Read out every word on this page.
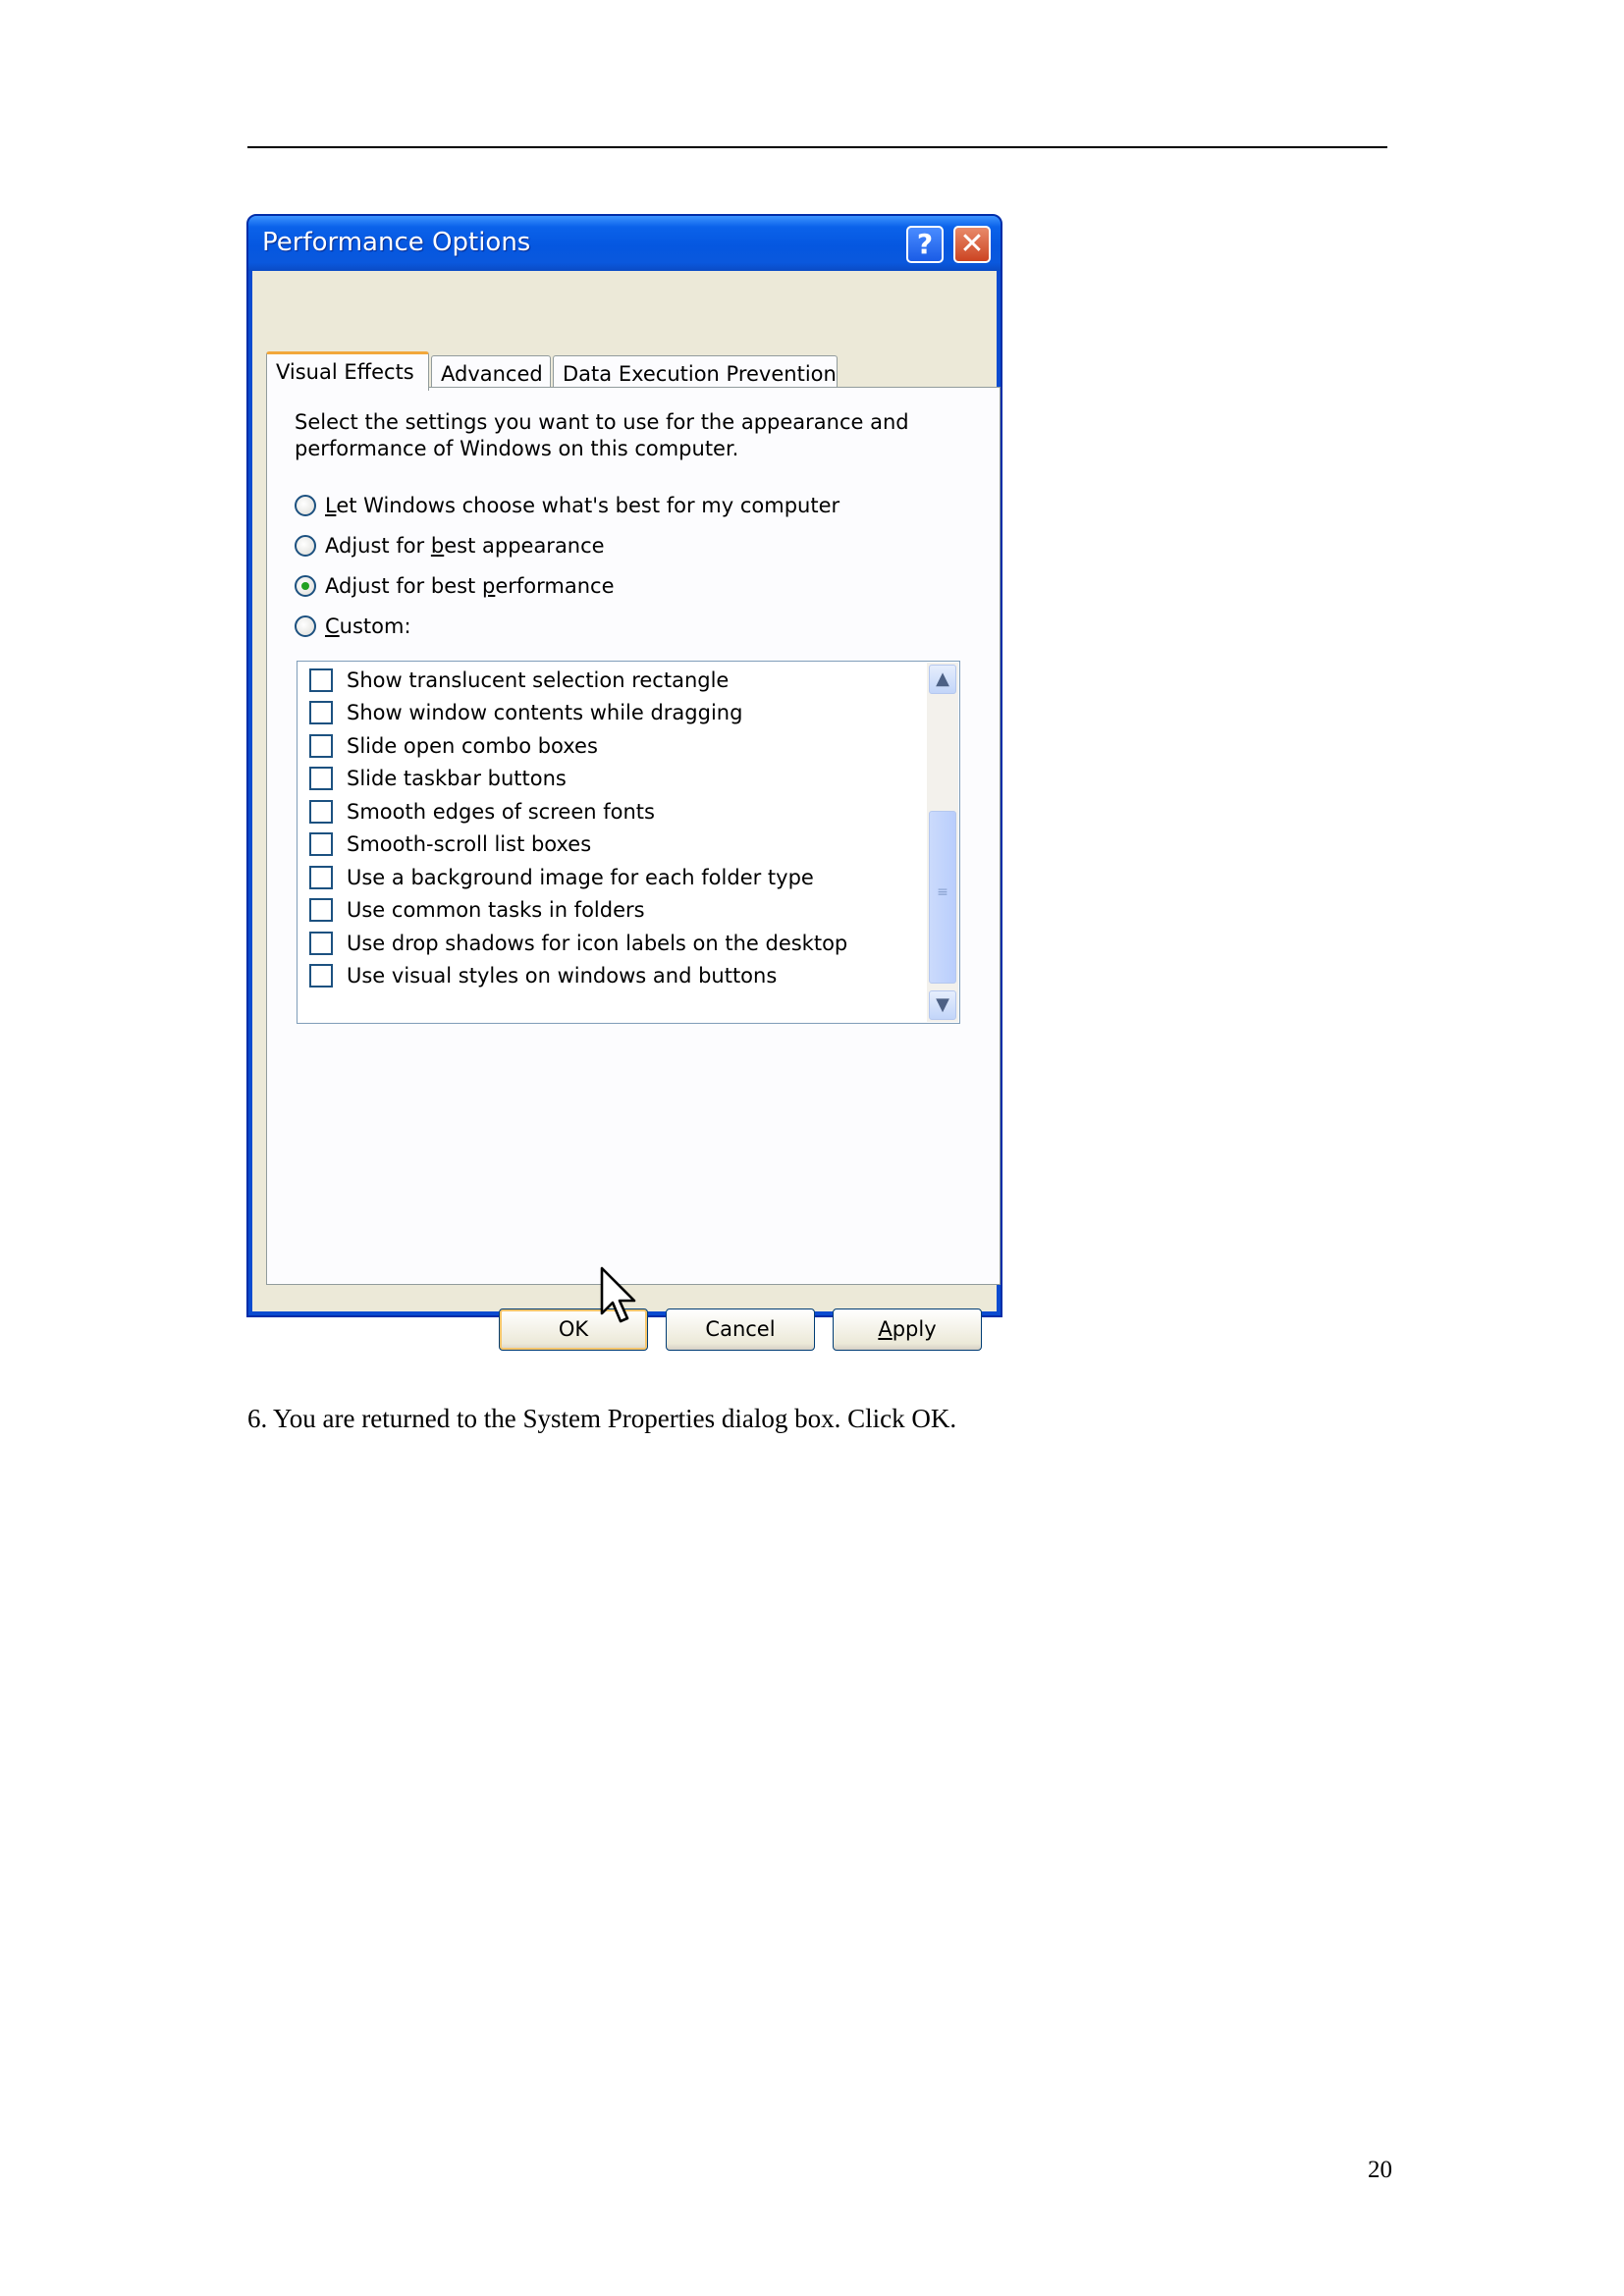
Performance Options	? ✕
Visual Effects	Advanced Data Execution Prevention

Select the settings you want to use for the appearance and performance of Windows on this computer.

Let Windows choose what's best for my computer
Adjust for best appearance
Adjust for best performance
Custom:
Show translucent selection rectangle
Show window contents while dragging
Slide open combo boxes
Slide taskbar buttons
Smooth edges of screen fonts
Smooth-scroll list boxes
Use a background image for each folder type
Use common tasks in folders
Use drop shadows for icon labels on the desktop
Use visual styles on windows and buttons
▲
≡
▼
OK	Cancel	Apply

6. You are returned to the System Properties dialog box. Click OK.

20
